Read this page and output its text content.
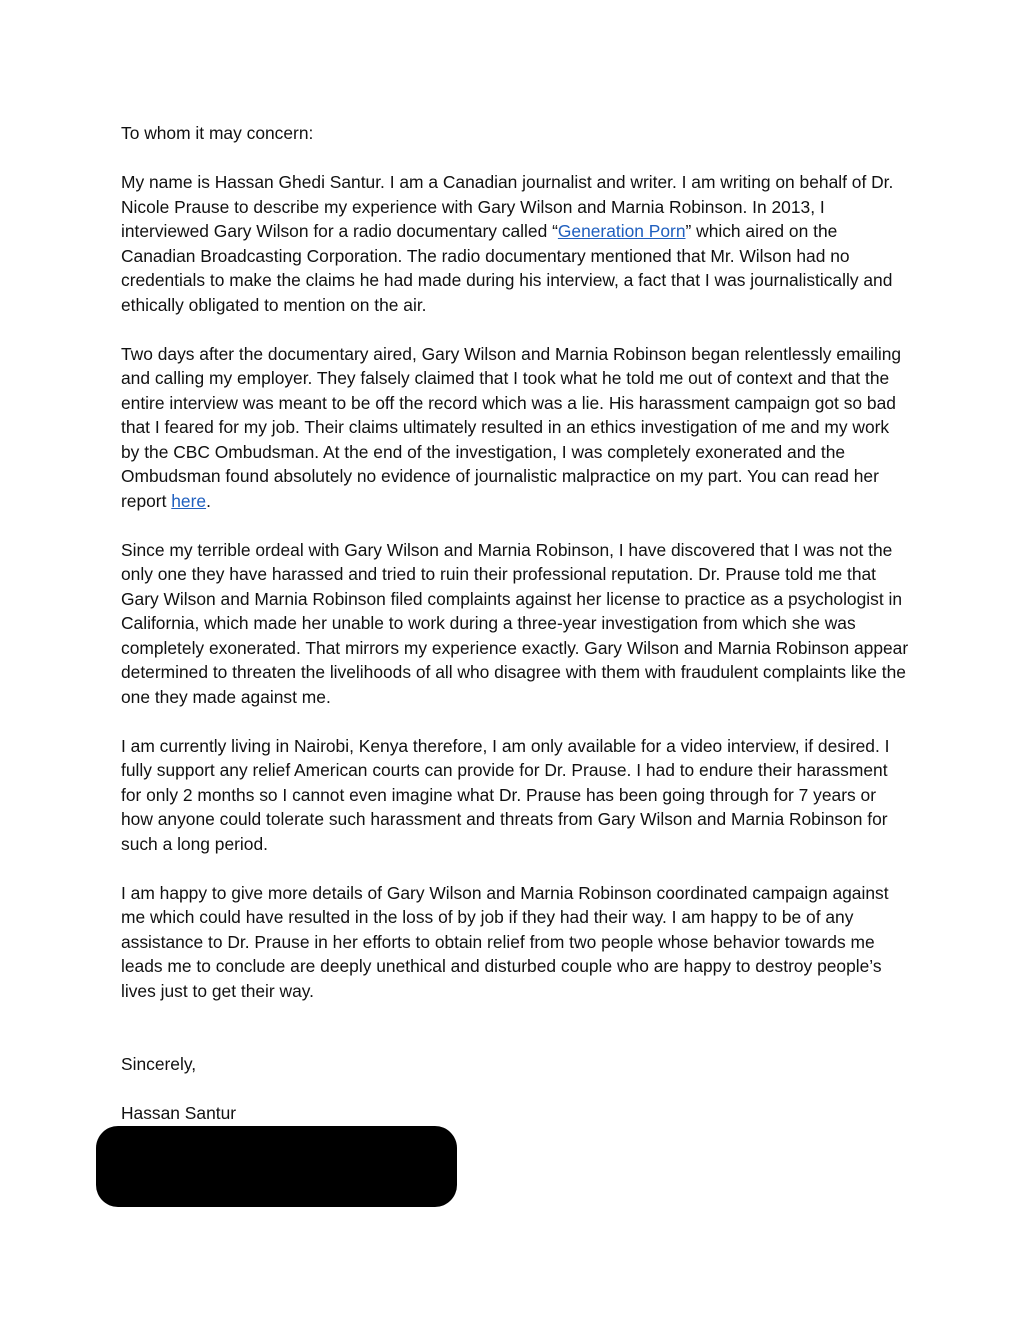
To whom it may concern:

My name is Hassan Ghedi Santur. I am a Canadian journalist and writer. I am writing on behalf of Dr. Nicole Prause to describe my experience with Gary Wilson and Marnia Robinson. In 2013, I interviewed Gary Wilson for a radio documentary called “Generation Porn” which aired on the Canadian Broadcasting Corporation. The radio documentary mentioned that Mr. Wilson had no credentials to make the claims he had made during his interview, a fact that I was journalistically and ethically obligated to mention on the air.

Two days after the documentary aired, Gary Wilson and Marnia Robinson began relentlessly emailing and calling my employer. They falsely claimed that I took what he told me out of context and that the entire interview was meant to be off the record which was a lie. His harassment campaign got so bad that I feared for my job. Their claims ultimately resulted in an ethics investigation of me and my work by the CBC Ombudsman. At the end of the investigation, I was completely exonerated and the Ombudsman found absolutely no evidence of journalistic malpractice on my part. You can read her report here.

Since my terrible ordeal with Gary Wilson and Marnia Robinson, I have discovered that I was not the only one they have harassed and tried to ruin their professional reputation. Dr. Prause told me that Gary Wilson and Marnia Robinson filed complaints against her license to practice as a psychologist in California, which made her unable to work during a three-year investigation from which she was completely exonerated. That mirrors my experience exactly. Gary Wilson and Marnia Robinson appear determined to threaten the livelihoods of all who disagree with them with fraudulent complaints like the one they made against me.

I am currently living in Nairobi, Kenya therefore, I am only available for a video interview, if desired. I fully support any relief American courts can provide for Dr. Prause. I had to endure their harassment for only 2 months so I cannot even imagine what Dr. Prause has been going through for 7 years or how anyone could tolerate such harassment and threats from Gary Wilson and Marnia Robinson for such a long period.

I am happy to give more details of Gary Wilson and Marnia Robinson coordinated campaign against me which could have resulted in the loss of by job if they had their way. I am happy to be of any assistance to Dr. Prause in her efforts to obtain relief from two people whose behavior towards me leads me to conclude are deeply unethical and disturbed couple who are happy to destroy people’s lives just to get their way.

Sincerely,

Hassan Santur
